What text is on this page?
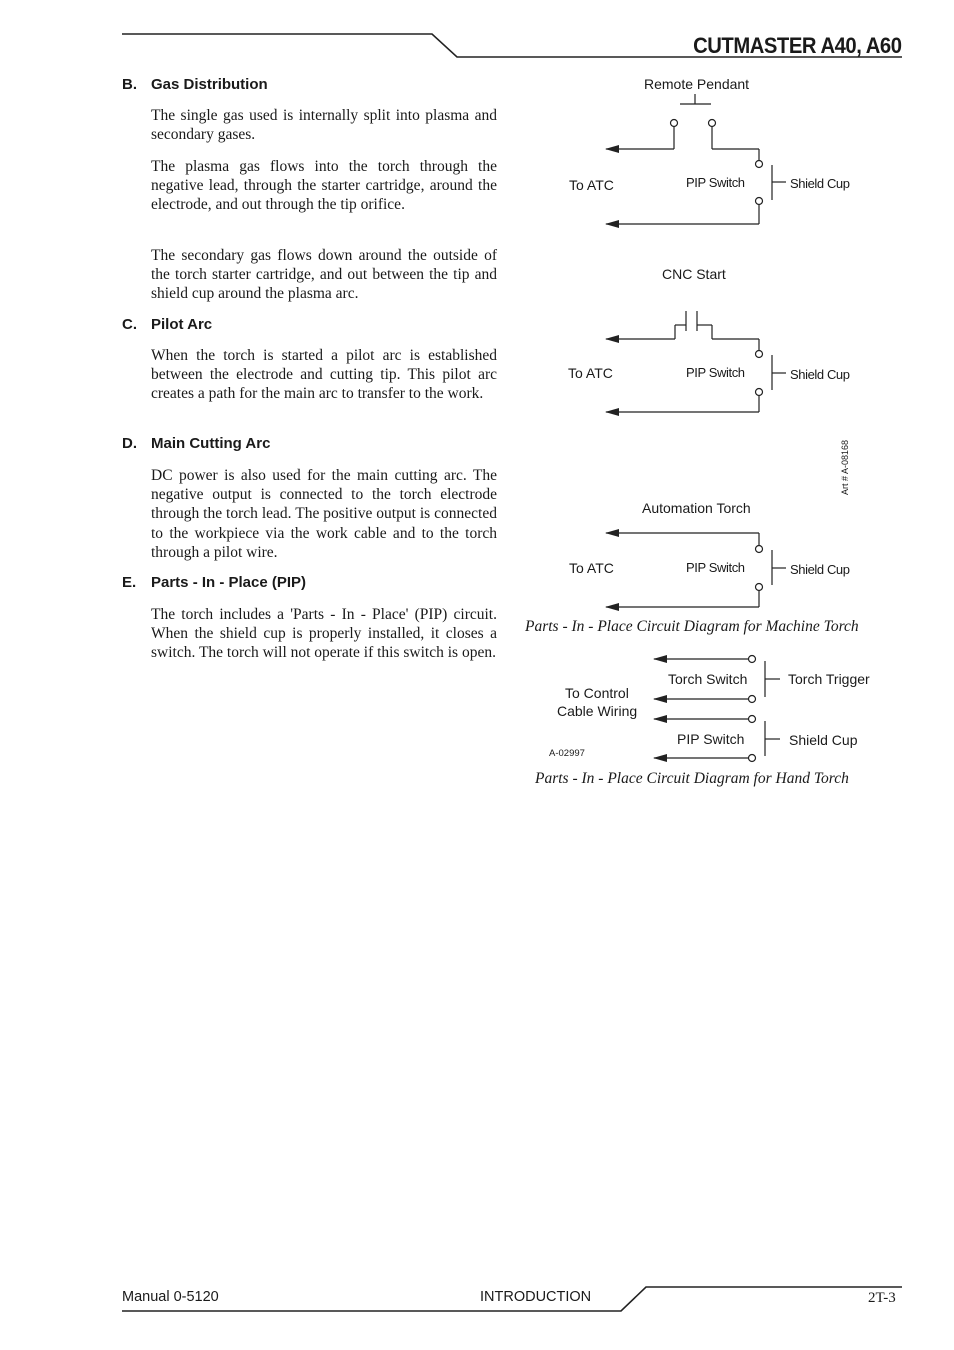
CUTMASTER A40, A60
B. Gas Distribution
The single gas used is internally split into plasma and secondary gases.
The plasma gas flows into the torch through the negative lead, through the starter cartridge, around the electrode, and out through the tip orifice.
The secondary gas flows down around the outside of the torch starter cartridge, and out between the tip and shield cup around the plasma arc.
C. Pilot Arc
When the torch is started a pilot arc is established between the electrode and cutting tip. This pilot arc creates a path for the main arc to transfer to the work.
D. Main Cutting Arc
DC power is also used for the main cutting arc. The negative output is connected to the torch electrode through the torch lead. The positive output is connected to the workpiece via the work cable and to the torch through a pilot wire.
E. Parts - In - Place (PIP)
The torch includes a 'Parts - In - Place' (PIP) circuit. When the shield cup is properly installed, it closes a switch. The torch will not operate if this switch is open.
Remote Pendant
To ATC	PIP Switch	Shield Cup
CNC Start
To ATC	PIP Switch	Shield Cup
Art # A-08168
Automation Torch
To ATC	PIP Switch	Shield Cup
Parts - In - Place Circuit Diagram for Machine Torch
Torch Switch	Torch Trigger
To Control
Cable Wiring
PIP Switch	Shield Cup
A-02997
Parts - In - Place Circuit Diagram for Hand Torch
Manual 0-5120	INTRODUCTION	2T-3
